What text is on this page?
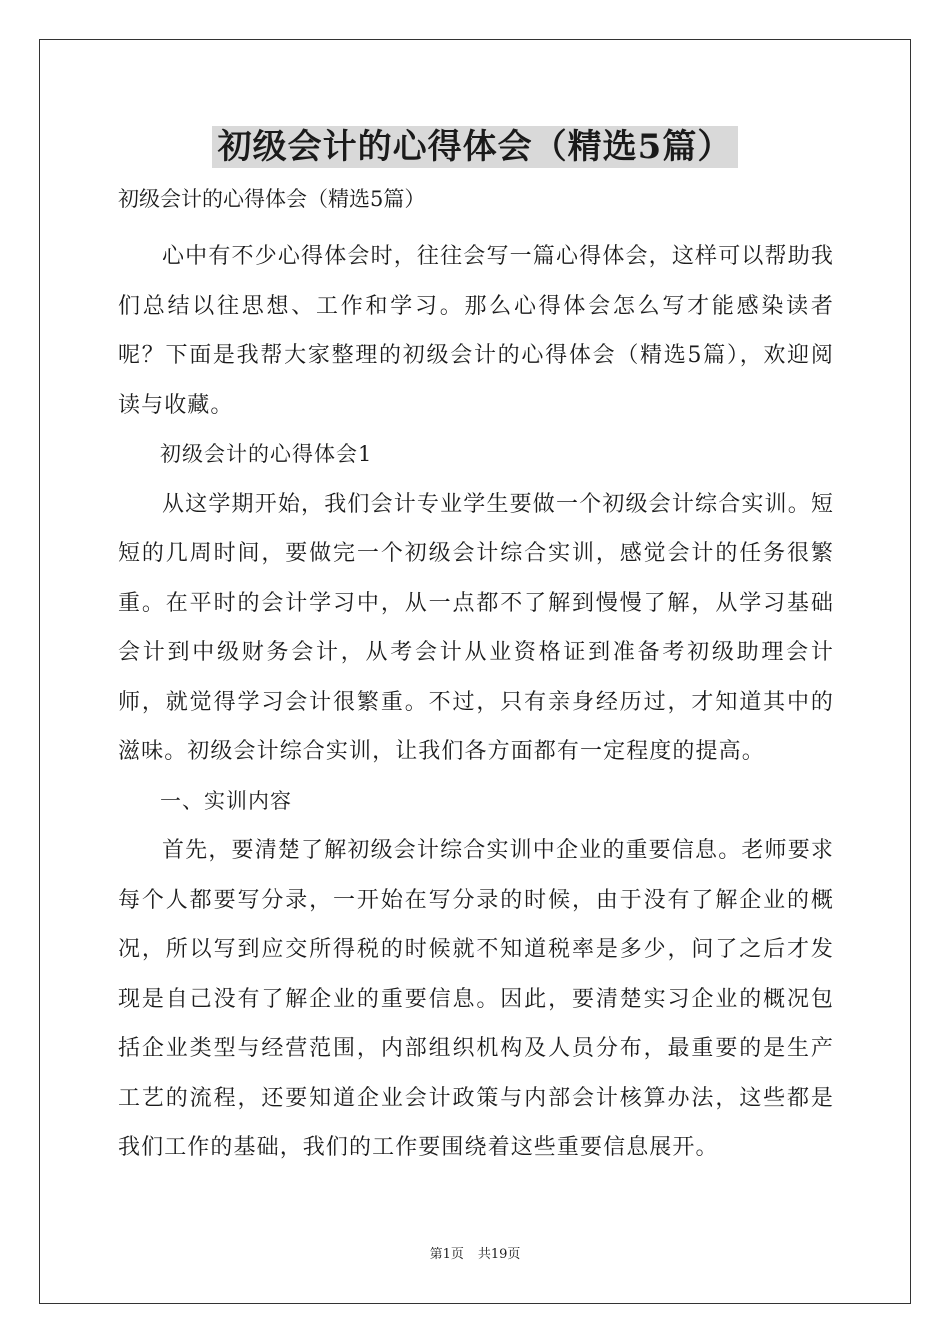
初级会计的心得体会（精选5篇）
初级会计的心得体会（精选5篇）

心中有不少心得体会时，往往会写一篇心得体会，这样可以帮助我们总结以往思想、工作和学习。那么心得体会怎么写才能感染读者呢？下面是我帮大家整理的初级会计的心得体会（精选5篇），欢迎阅读与收藏。

初级会计的心得体会1

从这学期开始，我们会计专业学生要做一个初级会计综合实训。短短的几周时间，要做完一个初级会计综合实训，感觉会计的任务很繁重。在平时的会计学习中，从一点都不了解到慢慢了解，从学习基础会计到中级财务会计，从考会计从业资格证到准备考初级助理会计师，就觉得学习会计很繁重。不过，只有亲身经历过，才知道其中的滋味。初级会计综合实训，让我们各方面都有一定程度的提高。

一、实训内容

首先，要清楚了解初级会计综合实训中企业的重要信息。老师要求每个人都要写分录，一开始在写分录的时候，由于没有了解企业的概况，所以写到应交所得税的时候就不知道税率是多少，问了之后才发现是自己没有了解企业的重要信息。因此，要清楚实习企业的概况包括企业类型与经营范围，内部组织机构及人员分布，最重要的是生产工艺的流程，还要知道企业会计政策与内部会计核算办法，这些都是我们工作的基础，我们的工作要围绕着这些重要信息展开。

第1页 共19页
